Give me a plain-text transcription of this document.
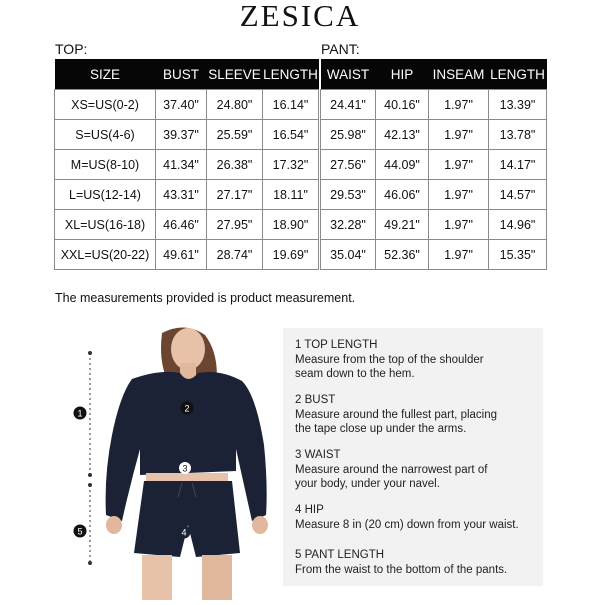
ZESICA
TOP:	PANT:
SIZE	BUST	SLEEVE	LENGTH
XS=US(0-2)	37.40"	24.80"	16.14"
S=US(4-6)	39.37"	25.59"	16.54"
M=US(8-10)	41.34"	26.38"	17.32"
L=US(12-14)	43.31"	27.17"	18.11"
XL=US(16-18)	46.46"	27.95"	18.90"
XXL=US(20-22)	49.61"	28.74"	19.69"
WAIST	HIP	INSEAM	LENGTH
24.41"	40.16"	1.97"	13.39"
25.98"	42.13"	1.97"	13.78"
27.56"	44.09"	1.97"	14.17"
29.53"	46.06"	1.97"	14.57"
32.28"	49.21"	1.97"	14.96"
35.04"	52.36"	1.97"	15.35"
The measurements provided is product measurement.
1	2
3
4
5
1 TOP LENGTH
Measure from the top of the shoulder
seam down to the hem.
2 BUST
Measure around the fullest part, placing
the tape close up under the arms.
3 WAIST
Measure around the narrowest part of
your body, under your navel.
4 HIP
Measure 8 in (20 cm) down from your waist.
5 PANT LENGTH
From the waist to the bottom of the pants.
